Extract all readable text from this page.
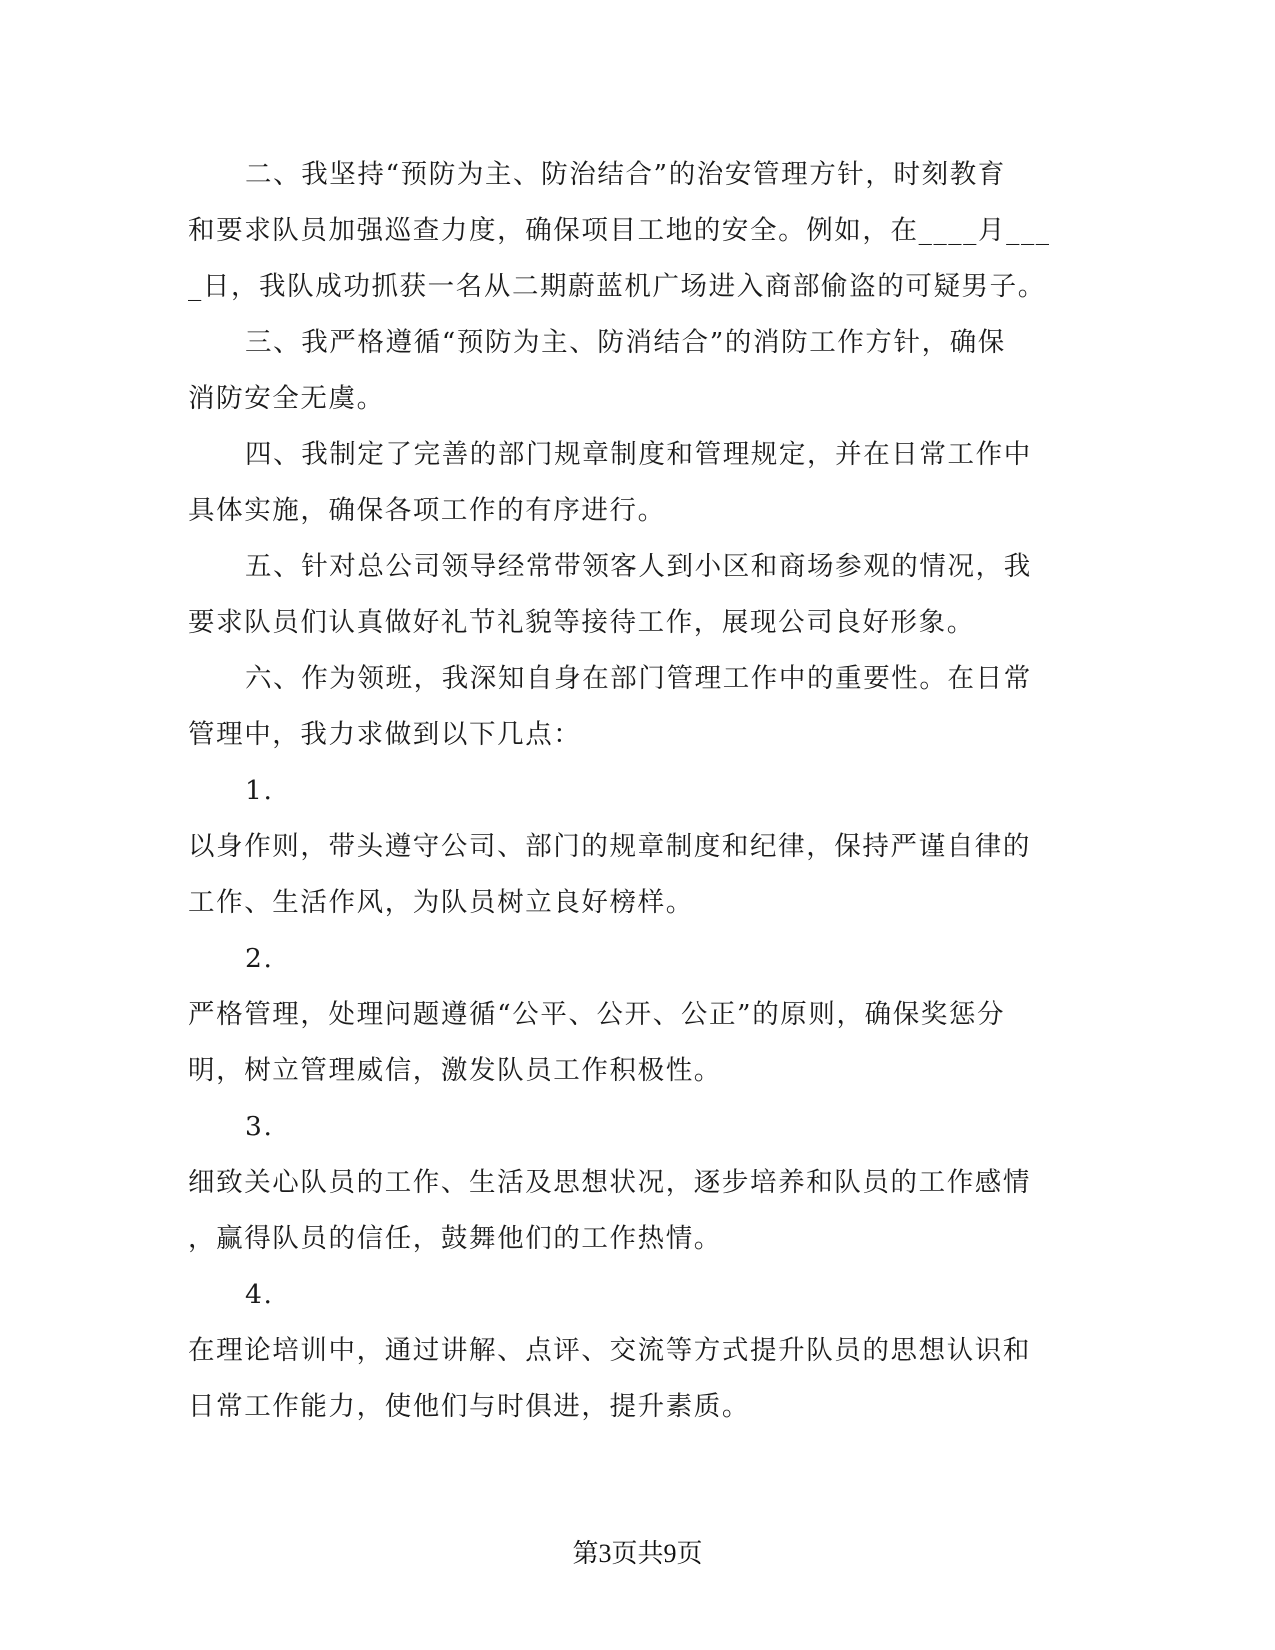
二、我坚持“预防为主、防治结合”的治安管理方针，时刻教育
和要求队员加强巡查力度，确保项目工地的安全。例如，在____月___
_日，我队成功抓获一名从二期蔚蓝机广场进入商部偷盗的可疑男子。
三、我严格遵循“预防为主、防消结合”的消防工作方针，确保
消防安全无虞。
四、我制定了完善的部门规章制度和管理规定，并在日常工作中
具体实施，确保各项工作的有序进行。
五、针对总公司领导经常带领客人到小区和商场参观的情况，我
要求队员们认真做好礼节礼貌等接待工作，展现公司良好形象。
六、作为领班，我深知自身在部门管理工作中的重要性。在日常
管理中，我力求做到以下几点：
1.
以身作则，带头遵守公司、部门的规章制度和纪律，保持严谨自律的
工作、生活作风，为队员树立良好榜样。
2.
严格管理，处理问题遵循“公平、公开、公正”的原则，确保奖惩分
明，树立管理威信，激发队员工作积极性。
3.
细致关心队员的工作、生活及思想状况，逐步培养和队员的工作感情
，赢得队员的信任，鼓舞他们的工作热情。
4.
在理论培训中，通过讲解、点评、交流等方式提升队员的思想认识和
日常工作能力，使他们与时俱进，提升素质。
第3页共9页
